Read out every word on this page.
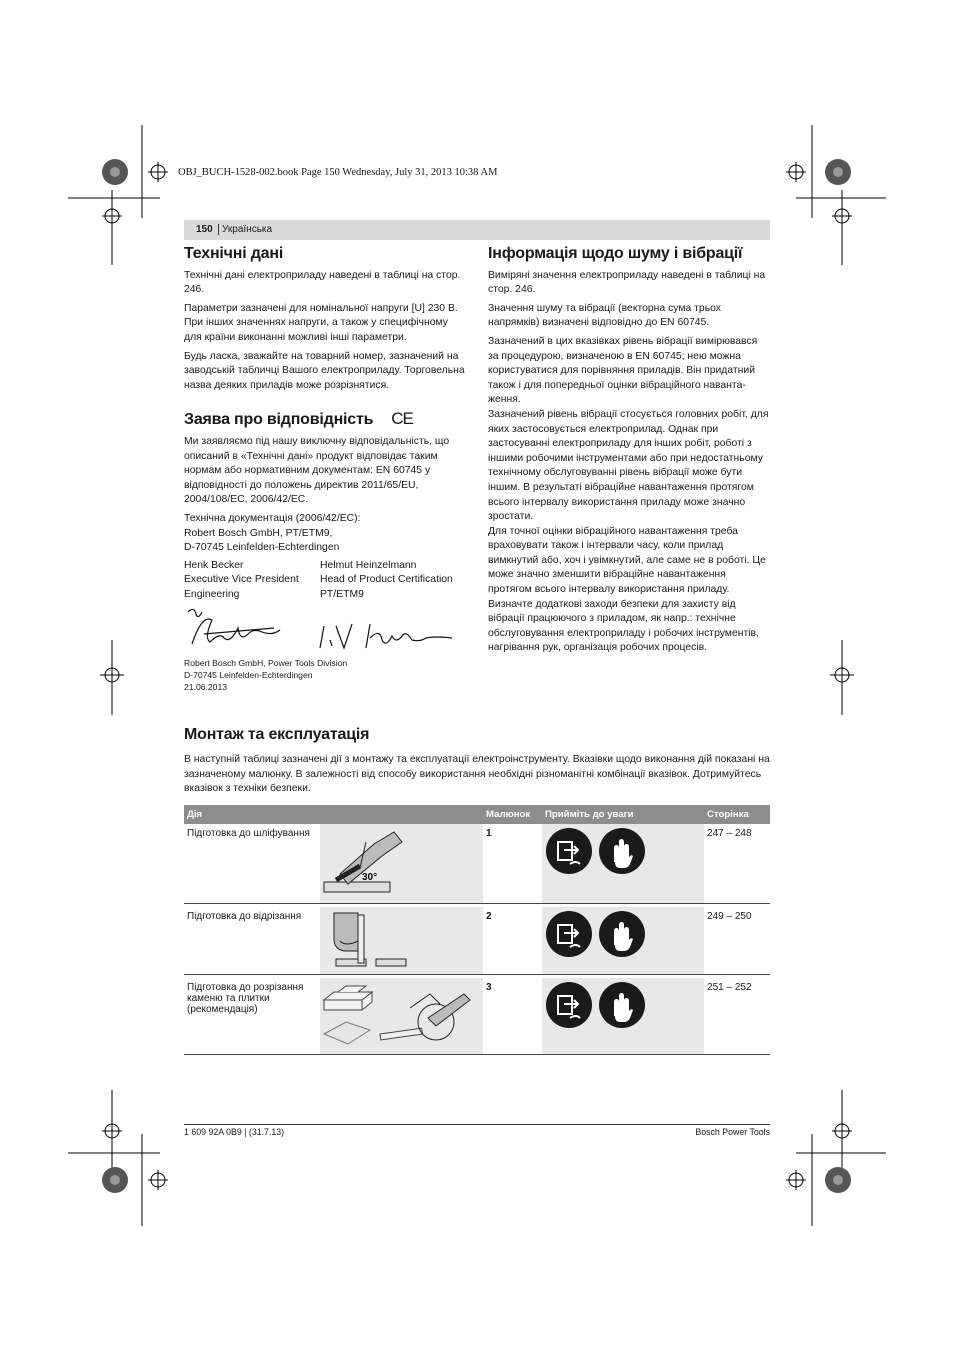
OBJ_BUCH-1528-002.book Page 150 Wednesday, July 31, 2013 10:38 AM
150 Українська
Технічні дані

Технічні дані електроприладу наведені в таблиці на стор. 246.

Параметри зазначені для номінальної напруги [U] 230 В. При інших значеннях напруги, а також у специфічному для країни виконанні можливі інші параметри.

Будь ласка, зважайте на товарний номер, зазначений на заводській табличці Вашого електроприладу. Торговельна назва деяких приладів може розрізнятися.

Заява про відповідність CE

Ми заявляємо під нашу виключну відповідальність, що описаний в «Технічні дані» продукт відповідає таким нормам або нормативним документам: EN 60745 у відповідності до положень директив 2011/65/EU, 2004/108/EC, 2006/42/EC.

Технічна документація (2006/42/EC):
Robert Bosch GmbH, PT/ETM9,
D-70745 Leinfelden-Echterdingen
Henk Becker
Executive Vice President
Engineering
Helmut Heinzelmann
Head of Product Certification
PT/ETM9
Robert Bosch GmbH, Power Tools Division
D-70745 Leinfelden-Echterdingen
21.06.2013
Інформація щодо шуму і вібрації

Виміряні значення електроприладу наведені в таблиці на стор. 246.

Значення шуму та вібрації (векторна сума трьох напрямків) визначені відповідно до EN 60745.

Зазначений в цих вказівках рівень вібрації вимірювався за процедурою, визначеною в EN 60745; нею можна користуватися для порівняння приладів. Він придатний також і для попередньої оцінки вібраційного наванта-ження.

Зазначений рівень вібрації стосується головних робіт, для яких застосовується електроприлад. Однак при застосуванні електроприладу для інших робіт, роботі з іншими робочими інструментами або при недостатньому технічному обслуговуванні рівень вібрації може бути іншим. В результаті вібраційне навантаження протягом всього інтервалу використання приладу може значно зростати.

Для точної оцінки вібраційного навантаження треба враховувати також і інтервали часу, коли прилад вимкнутий або, хоч і увімкнутий, але саме не в роботі. Це може значно зменшити вібраційне навантаження протягом всього інтервалу використання приладу.

Визначте додаткові заходи безпеки для захисту від вібрації працюючого з приладом, як напр.: технічне обслуговування електроприладу і робочих інструментів, нагрівання рук, організація робочих процесів.

Монтаж та експлуатація

В наступній таблиці зазначені дії з монтажу та експлуатації електроінструменту. Вказівки щодо виконання дій показані на зазначеному малюнку. В залежності від способу використання необхідні різноманітні комбінації вказівок. Дотримуйтесь вказівок з техніки безпеки.

Дія		Малюнок	Прийміть до уваги		Сторінка
Підготовка до шліфування	30°	1			247 – 248

Підготовка до відрізання		2			249 – 250

Підготовка до розрізання каменю та плитки (рекомендація)		3			251 – 252
1 609 92A 0B9 | (31.7.13)	Bosch Power Tools
